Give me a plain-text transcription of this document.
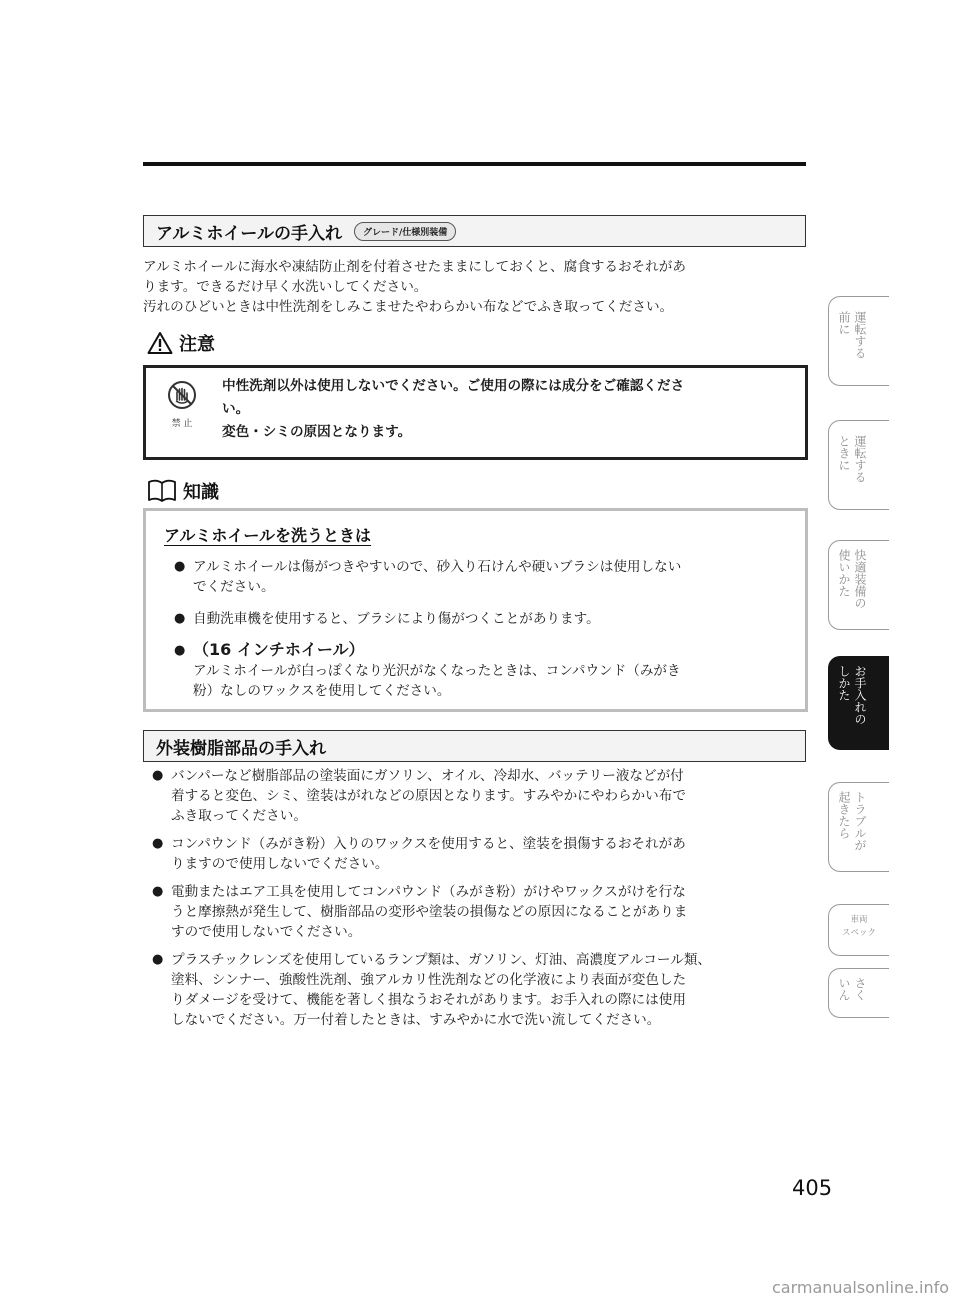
アルミホイールの手入れ	グレード/仕様別装備

アルミホイールに海水や凍結防止剤を付着させたままにしておくと、腐食するおそれがあ
ります。できるだけ早く水洗いしてください。
汚れのひどいときは中性洗剤をしみこませたやわらかい布などでふき取ってください。

注意
禁 止

中性洗剤以外は使用しないでください。ご使用の際には成分をご確認くださ
い。
変色・シミの原因となります。

知識

アルミホイールを洗うときは

● アルミホイールは傷がつきやすいので、砂入り石けんや硬いブラシは使用しない
でください。
● 自動洗車機を使用すると、ブラシにより傷がつくことがあります。
● （16 インチホイール）
アルミホイールが白っぽくなり光沢がなくなったときは、コンパウンド（みがき
粉）なしのワックスを使用してください。
外装樹脂部品の手入れ
● バンパーなど樹脂部品の塗装面にガソリン、オイル、冷却水、バッテリー液などが付
着すると変色、シミ、塗装はがれなどの原因となります。すみやかにやわらかい布で
ふき取ってください。
● コンパウンド（みがき粉）入りのワックスを使用すると、塗装を損傷するおそれがあ
りますので使用しないでください。
● 電動またはエア工具を使用してコンパウンド（みがき粉）がけやワックスがけを行な
うと摩擦熱が発生して、樹脂部品の変形や塗装の損傷などの原因になることがありま
すので使用しないでください。
● プラスチックレンズを使用しているランプ類は、ガソリン、灯油、高濃度アルコール類、
塗料、シンナー、強酸性洗剤、強アルカリ性洗剤などの化学液により表面が変色した
りダメージを受けて、機能を著しく損なうおそれがあります。お手入れの際には使用
しないでください。万一付着したときは、すみやかに水で洗い流してください。
運転する
前に
運転する
ときに
快適装備の
使いかた
お手入れの
しかた
トラブルが
起きたら
車両
スペック
さく
いん
405
carmanualsonline.info
